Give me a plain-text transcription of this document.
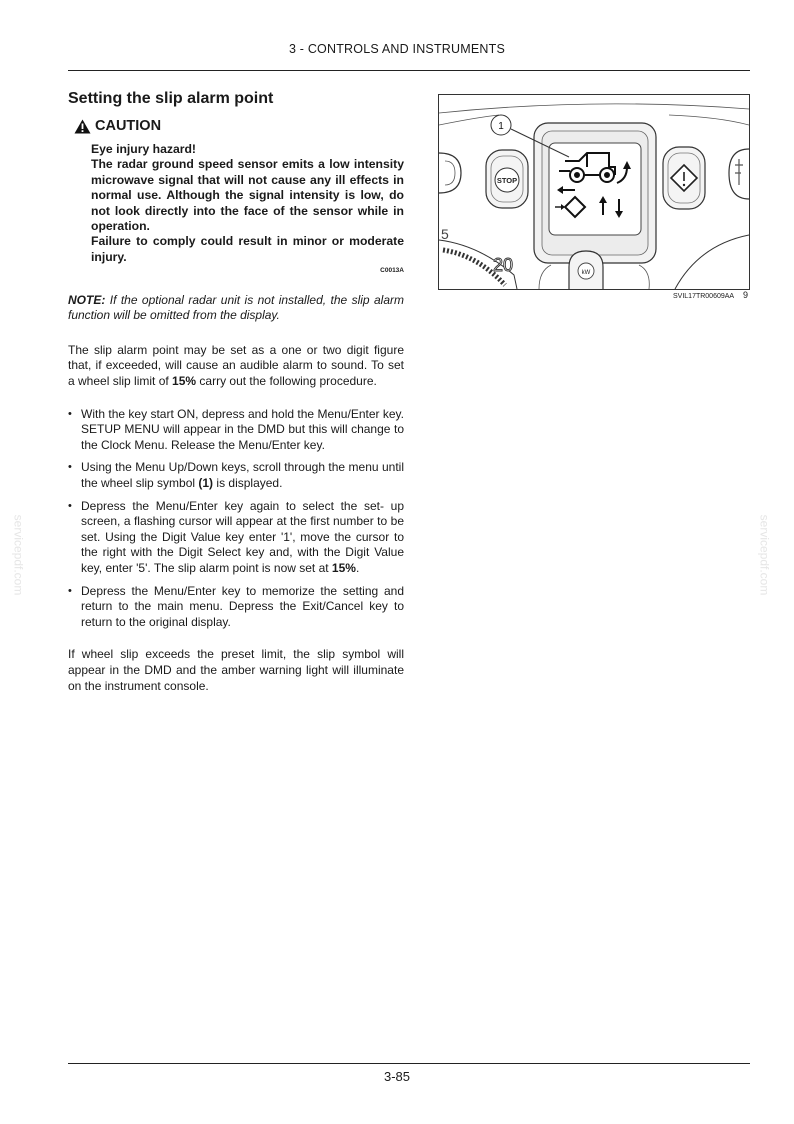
3 - CONTROLS AND INSTRUMENTS
Setting the slip alarm point
CAUTION

Eye injury hazard!

The radar ground speed sensor emits a low intensity microwave signal that will not cause any ill effects in normal use. Although the signal intensity is low, do not look directly into the face of the sensor while in operation.

Failure to comply could result in minor or moderate injury.

C0013A
NOTE: If the optional radar unit is not installed, the slip alarm function will be omitted from the display.
The slip alarm point may be set as a one or two digit figure that, if exceeded, will cause an audible alarm to sound. To set a wheel slip limit of 15% carry out the following procedure.
• With the key start ON, depress and hold the Menu/Enter key. SETUP MENU will appear in the DMD but this will change to the Clock Menu. Release the Menu/Enter key.
• Using the Menu Up/Down keys, scroll through the menu until the wheel slip symbol (1) is displayed.
• Depress the Menu/Enter key again to select the set- up screen, a flashing cursor will appear at the first number to be set. Using the Digit Value key enter '1', move the cursor to the right with the Digit Select key and, with the Digit Value key, enter '5'. The slip alarm point is now set at 15%.
• Depress the Menu/Enter key to memorize the setting and return to the main menu. Depress the Exit/Cancel key to return to the original display.
If wheel slip exceeds the preset limit, the slip symbol will appear in the DMD and the amber warning light will illuminate on the instrument console.
5
20
STOP
1
kW
SVIL17TR00609AA 9
servicepdf.com	servicepdf.com
3-85
